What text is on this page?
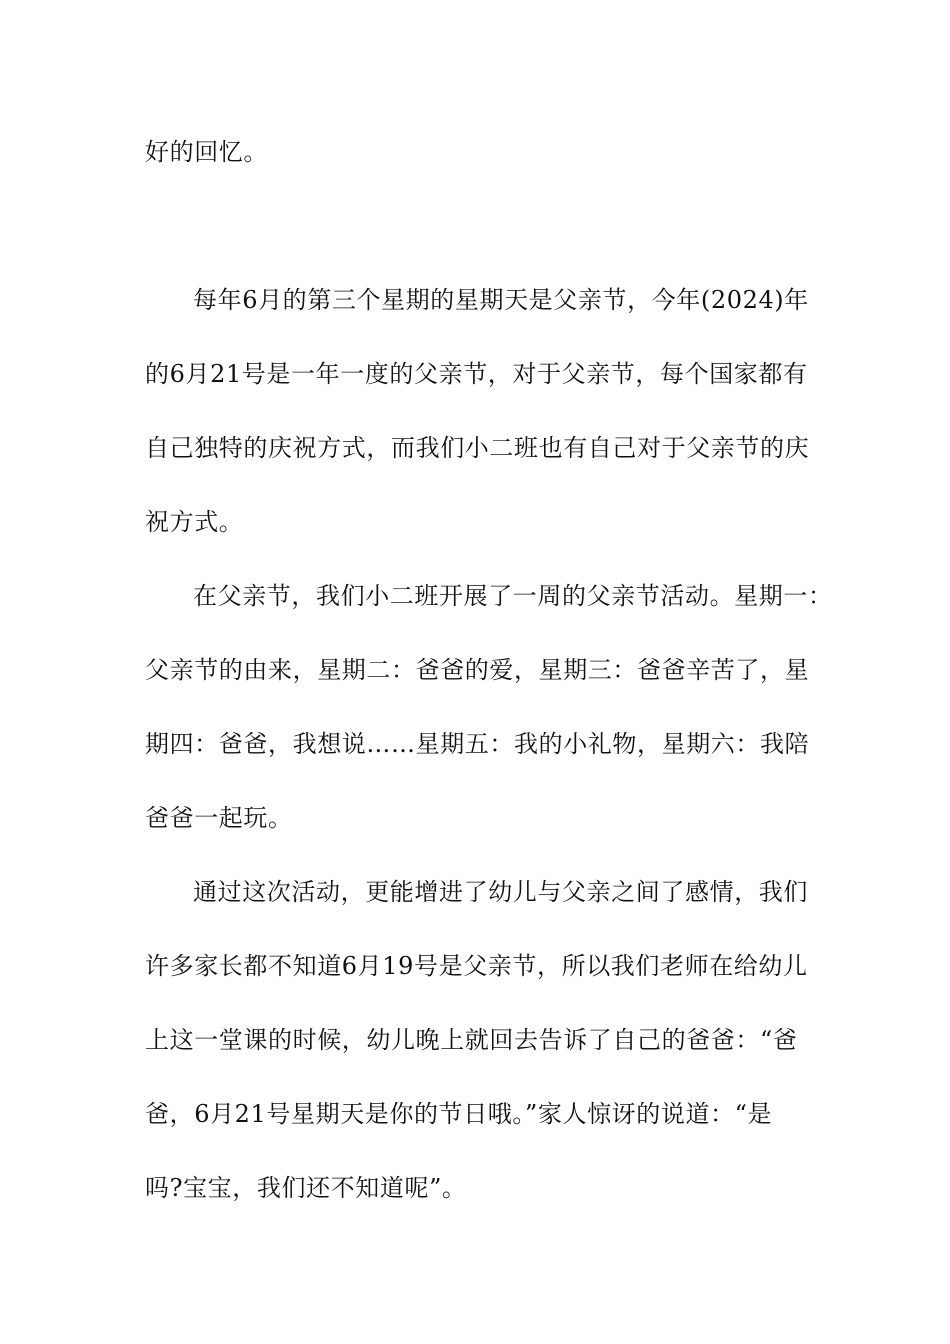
好的回忆。
每年6月的第三个星期的星期天是父亲节，今年(2024)年
的6月21号是一年一度的父亲节，对于父亲节，每个国家都有
自己独特的庆祝方式，而我们小二班也有自己对于父亲节的庆
祝方式。
在父亲节，我们小二班开展了一周的父亲节活动。星期一：
父亲节的由来，星期二：爸爸的爱，星期三：爸爸辛苦了，星
期四：爸爸，我想说……星期五：我的小礼物，星期六：我陪
爸爸一起玩。
通过这次活动，更能增进了幼儿与父亲之间了感情，我们
许多家长都不知道6月19号是父亲节，所以我们老师在给幼儿
上这一堂课的时候，幼儿晚上就回去告诉了自己的爸爸：“爸
爸，6月21号星期天是你的节日哦。”家人惊讶的说道：“是
吗?宝宝，我们还不知道呢”。
